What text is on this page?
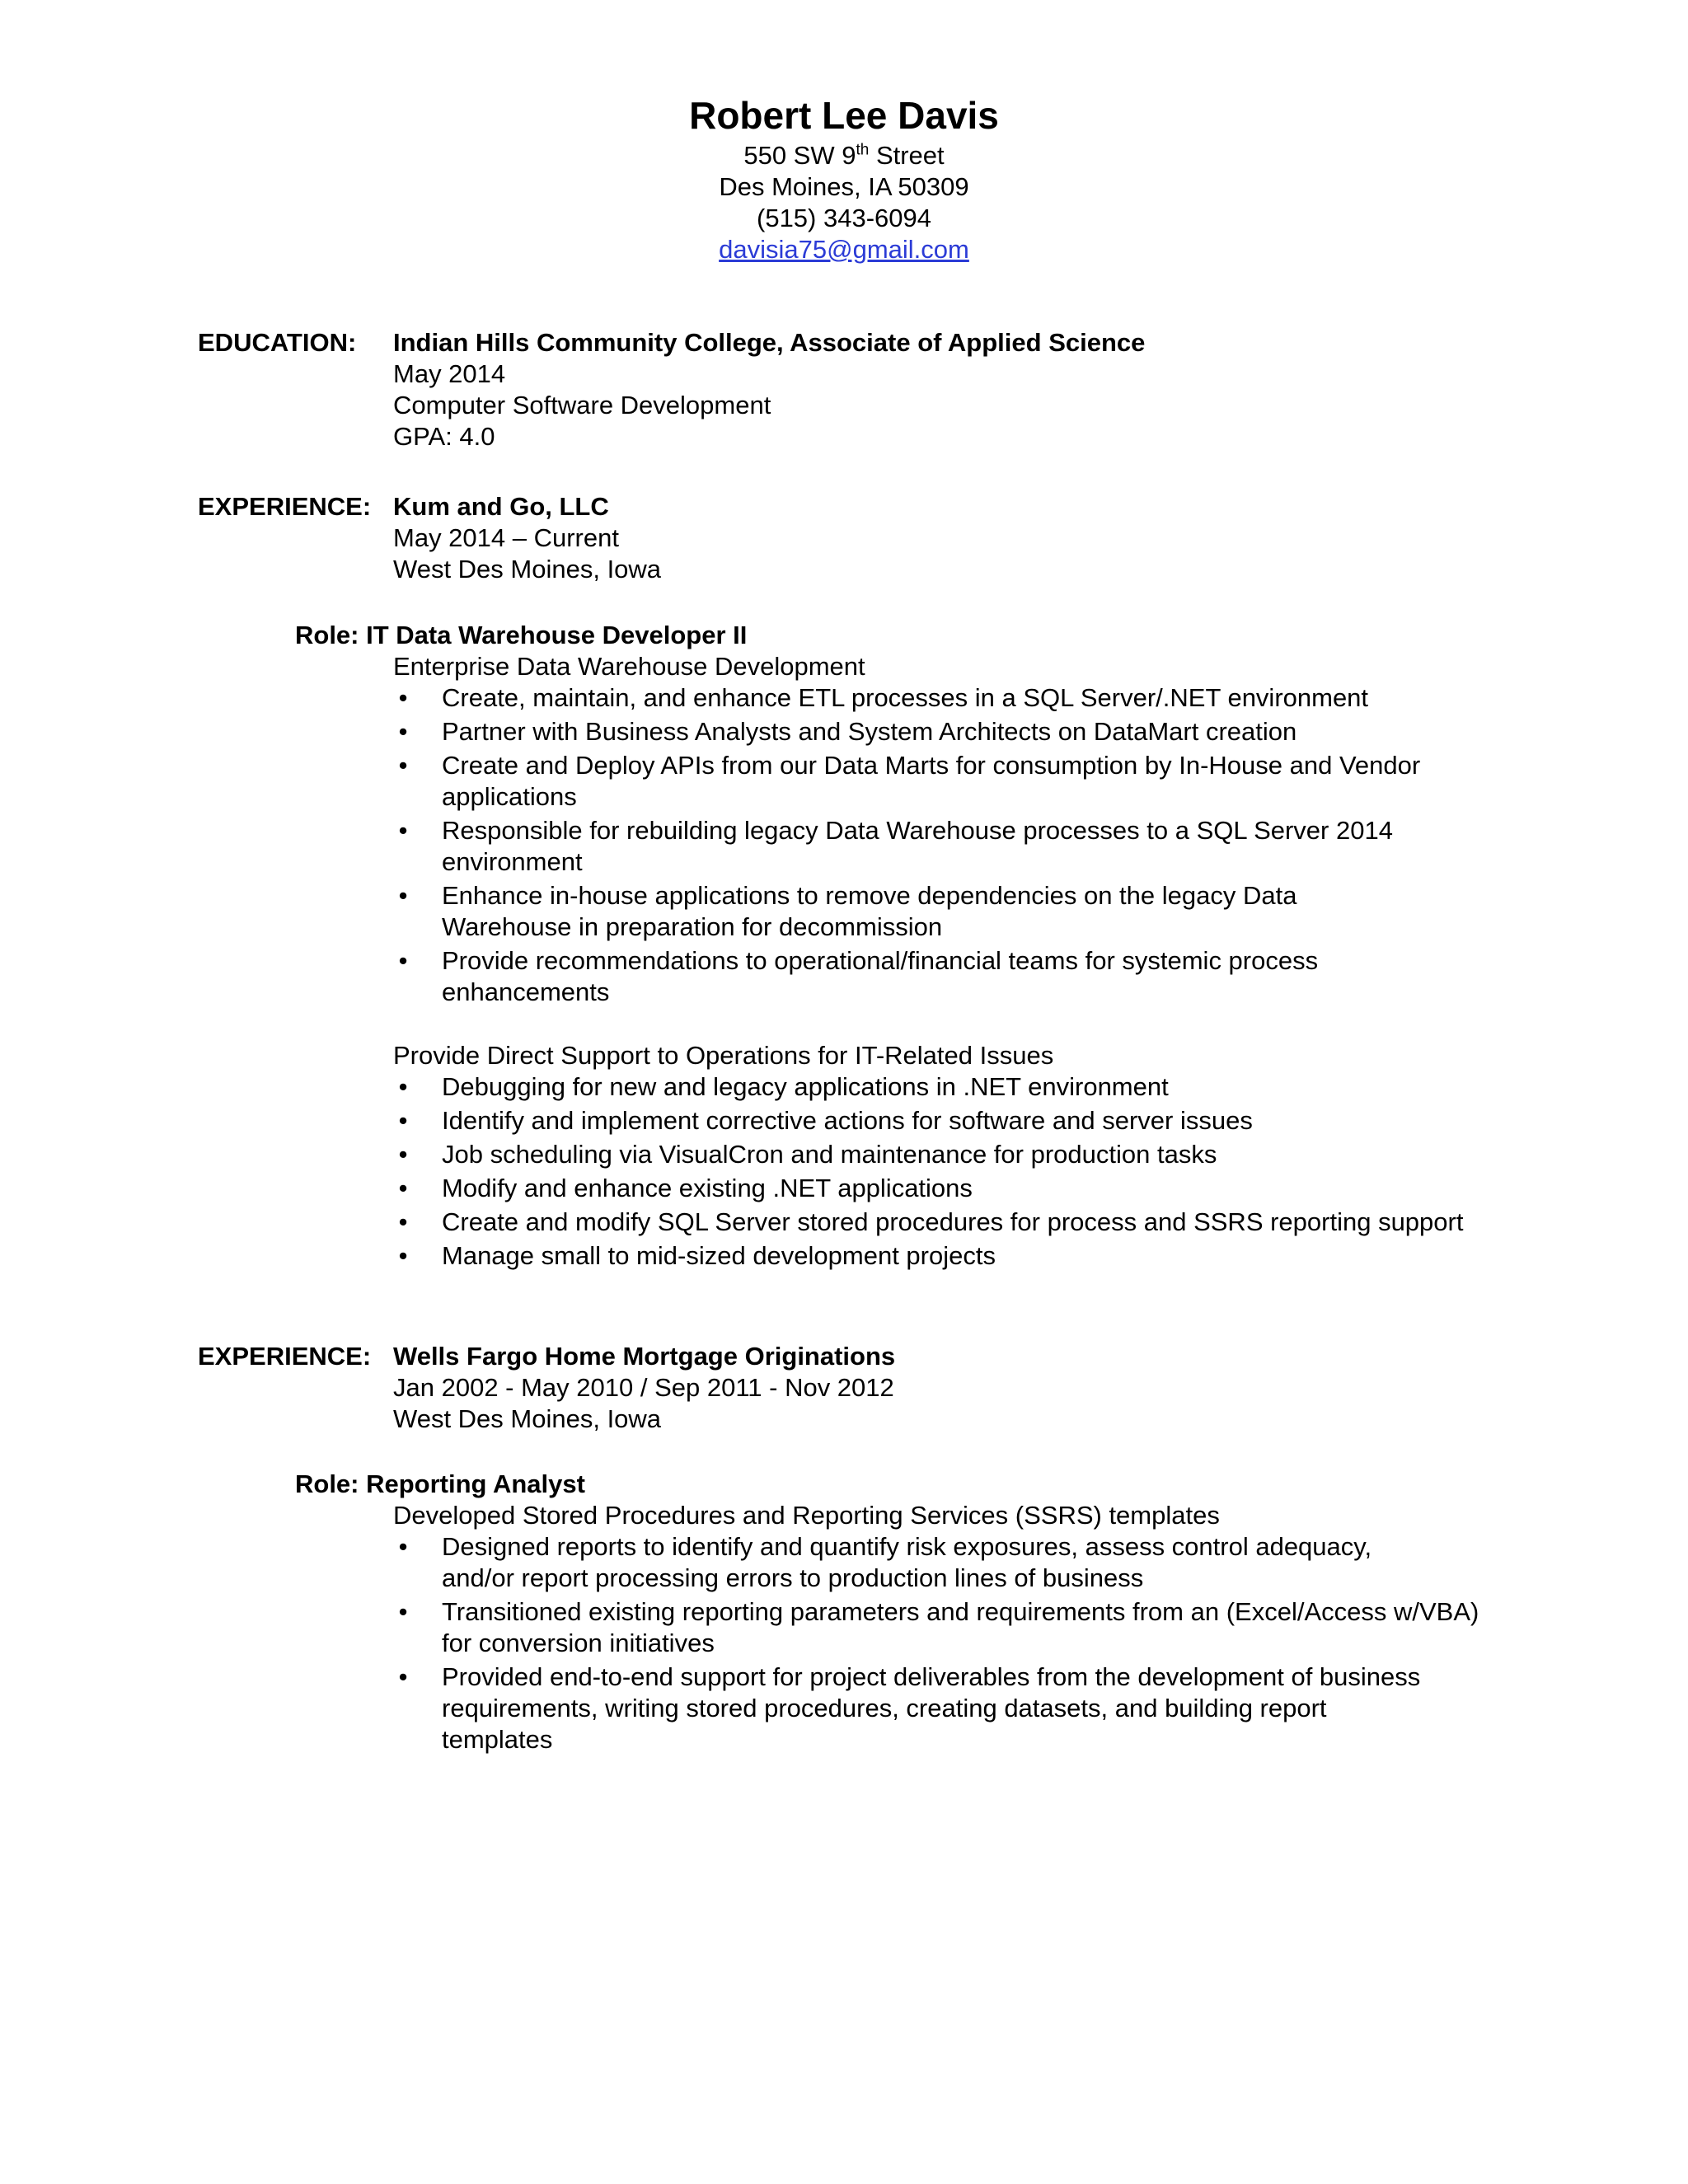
Robert Lee Davis
550 SW 9th Street
Des Moines, IA 50309
(515) 343-6094
davisia75@gmail.com
EDUCATION: Indian Hills Community College, Associate of Applied Science
May 2014
Computer Software Development
GPA: 4.0
EXPERIENCE: Kum and Go, LLC
May 2014 – Current
West Des Moines, Iowa
Role: IT Data Warehouse Developer II
Enterprise Data Warehouse Development
• Create, maintain, and enhance ETL processes in a SQL Server/.NET environment
• Partner with Business Analysts and System Architects on DataMart creation
• Create and Deploy APIs from our Data Marts for consumption by In-House and Vendor applications
• Responsible for rebuilding legacy Data Warehouse processes to a SQL Server 2014 environment
• Enhance in-house applications to remove dependencies on the legacy Data Warehouse in preparation for decommission
• Provide recommendations to operational/financial teams for systemic process enhancements
Provide Direct Support to Operations for IT-Related Issues
• Debugging for new and legacy applications in .NET environment
• Identify and implement corrective actions for software and server issues
• Job scheduling via VisualCron and maintenance for production tasks
• Modify and enhance existing .NET applications
• Create and modify SQL Server stored procedures for process and SSRS reporting support
• Manage small to mid-sized development projects
EXPERIENCE: Wells Fargo Home Mortgage Originations
Jan 2002 - May 2010 / Sep 2011 - Nov 2012
West Des Moines, Iowa
Role: Reporting Analyst
Developed Stored Procedures and Reporting Services (SSRS) templates
• Designed reports to identify and quantify risk exposures, assess control adequacy, and/or report processing errors to production lines of business
• Transitioned existing reporting parameters and requirements from an (Excel/Access w/VBA) for conversion initiatives
• Provided end-to-end support for project deliverables from the development of business requirements, writing stored procedures, creating datasets, and building report templates
